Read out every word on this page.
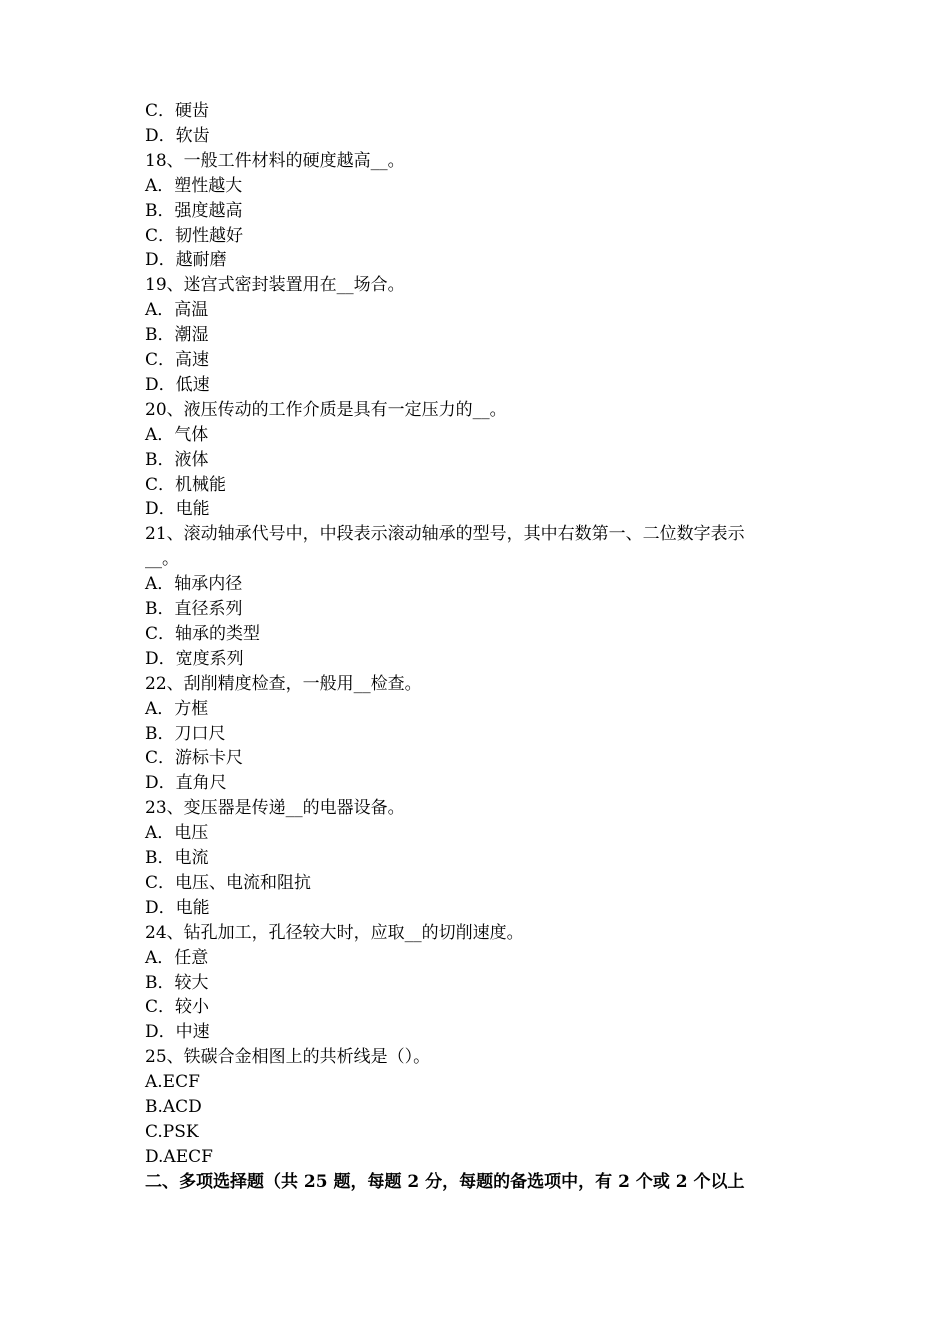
C．硬齿
D．软齿
18、一般工件材料的硬度越高__。
A．塑性越大
B．强度越高
C．韧性越好
D．越耐磨
19、迷宫式密封装置用在__场合。
A．高温
B．潮湿
C．高速
D．低速
20、液压传动的工作介质是具有一定压力的__。
A．气体
B．液体
C．机械能
D．电能
21、滚动轴承代号中，中段表示滚动轴承的型号，其中右数第一、二位数字表示
__。
A．轴承内径
B．直径系列
C．轴承的类型
D．宽度系列
22、刮削精度检查，一般用__检查。
A．方框
B．刀口尺
C．游标卡尺
D．直角尺
23、变压器是传递__的电器设备。
A．电压
B．电流
C．电压、电流和阻抗
D．电能
24、钻孔加工，孔径较大时，应取__的切削速度。
A．任意
B．较大
C．较小
D．中速
25、铁碳合金相图上的共析线是（）。
A.ECF
B.ACD
C.PSK
D.AECF
二、多项选择题（共 25 题，每题 2 分，每题的备选项中，有 2 个或 2 个以上
